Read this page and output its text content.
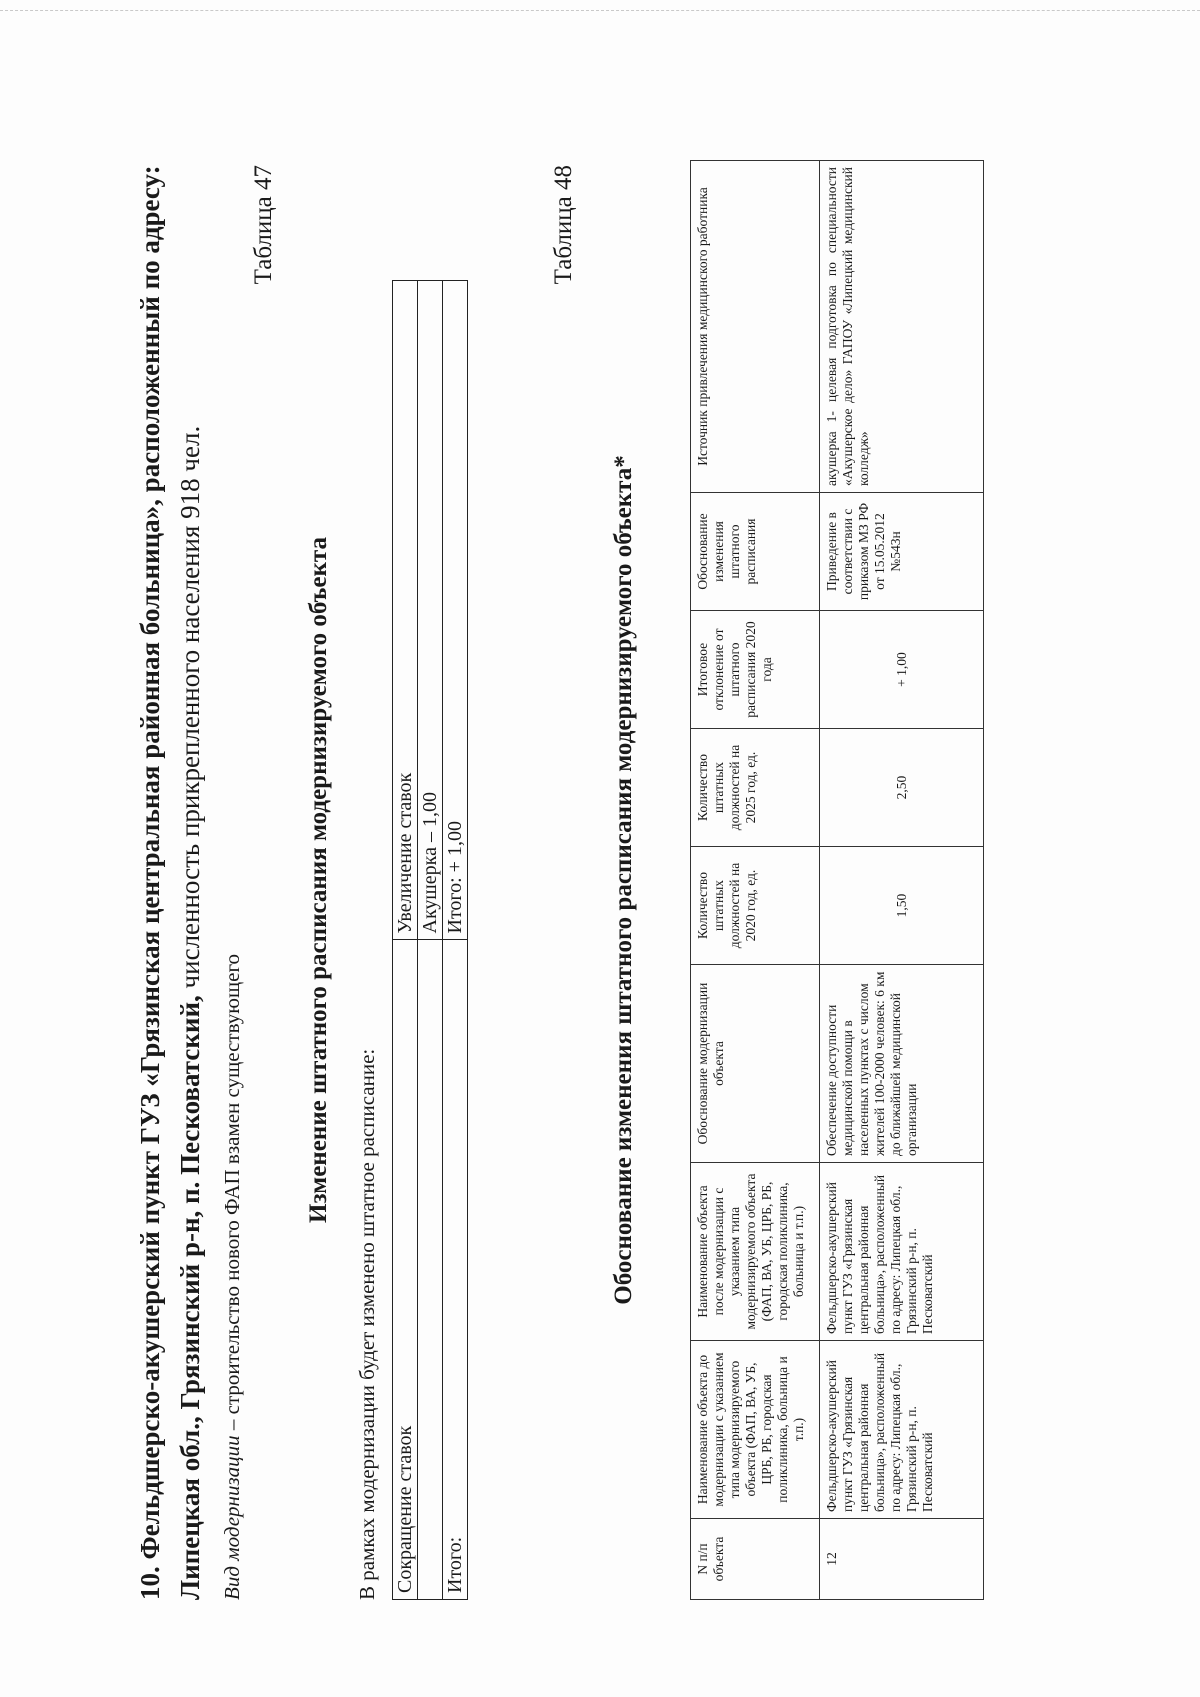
10. Фельдшерско-акушерский пункт ГУЗ «Грязинская центральная районная больница», расположенный по адресу: Липецкая обл., Грязинский р-н, п. Песковатский, численность прикрепленного населения 918 чел.
Вид модернизации – строительство нового ФАП взамен существующего
Таблица 47
Изменение штатного расписания модернизируемого объекта
В рамках модернизации будет изменено штатное расписание: Сокращение ставок	Увеличение ставок
	Акушерка – 1,00
Итого:	Итого: + 1,00
Таблица 48
Обоснование изменения штатного расписания модернизируемого объекта*
N п/п объекта	Наименование объекта до модернизации с указанием типа модернизируемого объекта (ФАП, ВА, УБ, ЦРБ, РБ, городская поликлиника, больница и т.п.)	Наименование объекта после модернизации с указанием типа модернизируемого объекта (ФАП, ВА, УБ, ЦРБ, РБ, городская поликлиника, больница и т.п.)	Обоснование модернизации объекта	Количество штатных должностей на 2020 год, ед.	Количество штатных должностей на 2025 год, ед.	Итоговое отклонение от штатного расписания 2020 года	Обоснование изменения штатного расписания	Источник привлечения медицинского работника
12	Фельдшерско-акушерский пункт ГУЗ «Грязинская центральная районная больница», расположенный по адресу: Липецкая обл., Грязинский р-н, п. Песковатский	Фельдшерско-акушерский пункт ГУЗ «Грязинская центральная районная больница», расположенный по адресу: Липецкая обл., Грязинский р-н, п. Песковатский	Обеспечение доступности медицинской помощи в населенных пунктах с числом жителей 100-2000 человек: 6 км до ближайшей медицинской организации	1,50	2,50	+ 1,00	Приведение в соответствии с приказом МЗ РФ от 15.05.2012 №543н	акушерка 1- целевая подготовка по специальности «Акушерское дело» ГАПОУ «Липецкий медицинский колледж»
